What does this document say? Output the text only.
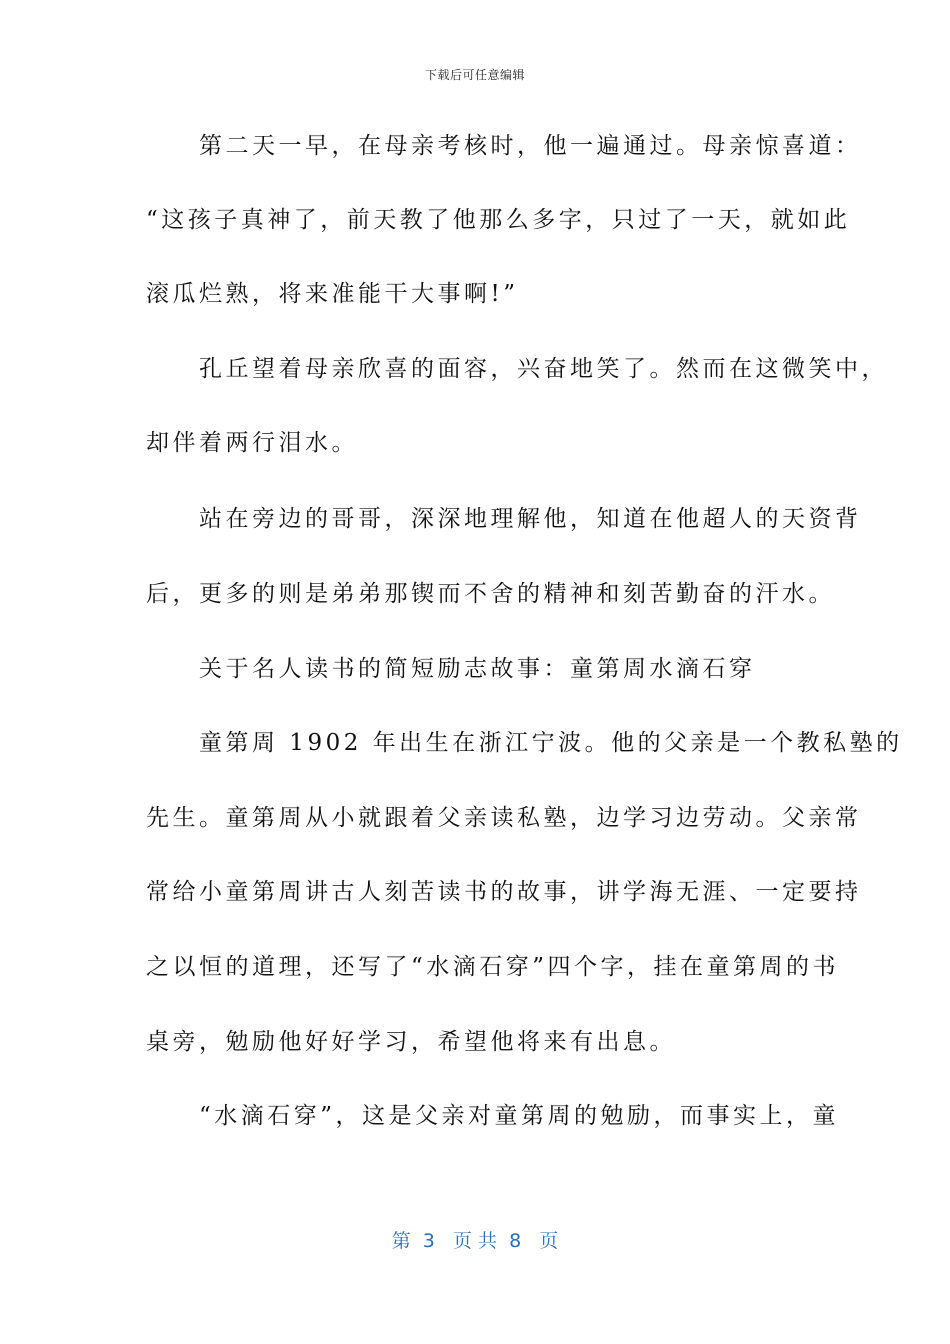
下载后可任意编辑
　　第二天一早，在母亲考核时，他一遍通过。母亲惊喜道：
“这孩子真神了，前天教了他那么多字，只过了一天，就如此
滚瓜烂熟，将来准能干大事啊!”
　　孔丘望着母亲欣喜的面容，兴奋地笑了。然而在这微笑中，
却伴着两行泪水。
　　站在旁边的哥哥，深深地理解他，知道在他超人的天资背
后，更多的则是弟弟那锲而不舍的精神和刻苦勤奋的汗水。
　　关于名人读书的简短励志故事：童第周水滴石穿
　　童第周 1902 年出生在浙江宁波。他的父亲是一个教私塾的
先生。童第周从小就跟着父亲读私塾，边学习边劳动。父亲常
常给小童第周讲古人刻苦读书的故事，讲学海无涯、一定要持
之以恒的道理，还写了“水滴石穿”四个字，挂在童第周的书
桌旁，勉励他好好学习，希望他将来有出息。
　　“水滴石穿”，这是父亲对童第周的勉励，而事实上，童
第  3   页 共  8   页
